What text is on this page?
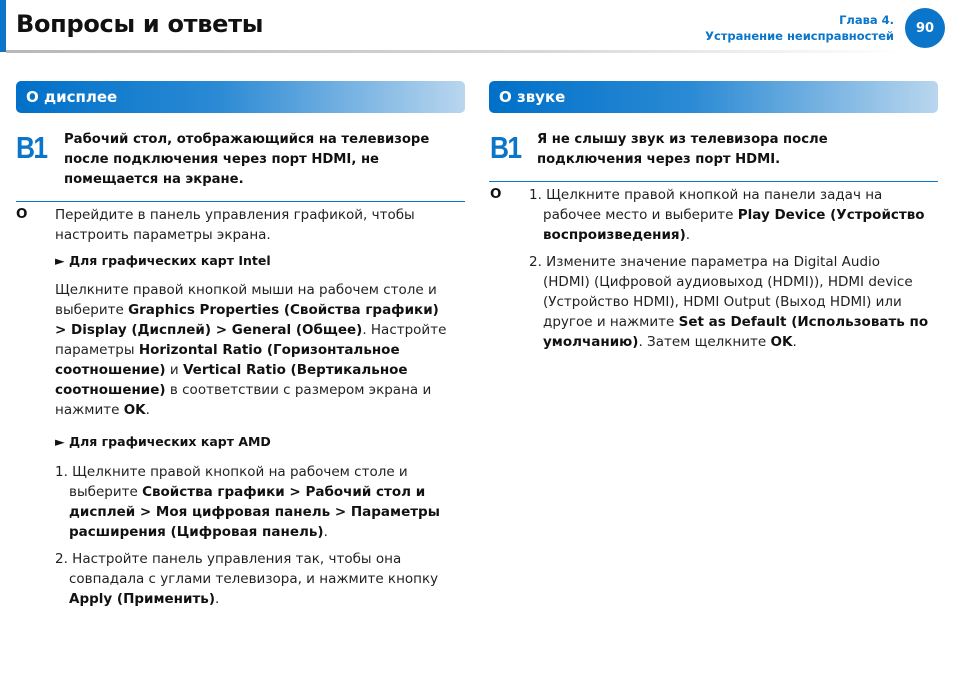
Вопросы и ответы	Глава 4.
Устранение неисправностей
90
О дисплее
B1 Рабочий стол, отображающийся на телевизоре после подключения через порт HDMI, не помещается на экране.
O Перейдите в панель управления графикой, чтобы настроить параметры экрана.
► Для графических карт Intel
Щелкните правой кнопкой мыши на рабочем столе и выберите Graphics Properties (Свойства графики) > Display (Дисплей) > General (Общее). Настройте параметры Horizontal Ratio (Горизонтальное соотношение) и Vertical Ratio (Вертикальное соотношение) в соответствии с размером экрана и нажмите OK.
► Для графических карт AMD

1. Щелкните правой кнопкой на рабочем столе и выберите Свойства графики > Рабочий стол и дисплей > Моя цифровая панель > Параметры расширения (Цифровая панель).

2. Настройте панель управления так, чтобы она совпадала с углами телевизора, и нажмите кнопку Apply (Применить).

О звуке
B1 Я не слышу звук из телевизора после подключения через порт HDMI.
O 1. Щелкните правой кнопкой на панели задач на рабочее место и выберите Play Device (Устройство воспроизведения).

2. Измените значение параметра на Digital Audio (HDMI) (Цифровой аудиовыход (HDMI)), HDMI device (Устройство HDMI), HDMI Output (Выход HDMI) или другое и нажмите Set as Default (Использовать по умолчанию). Затем щелкните OK.
